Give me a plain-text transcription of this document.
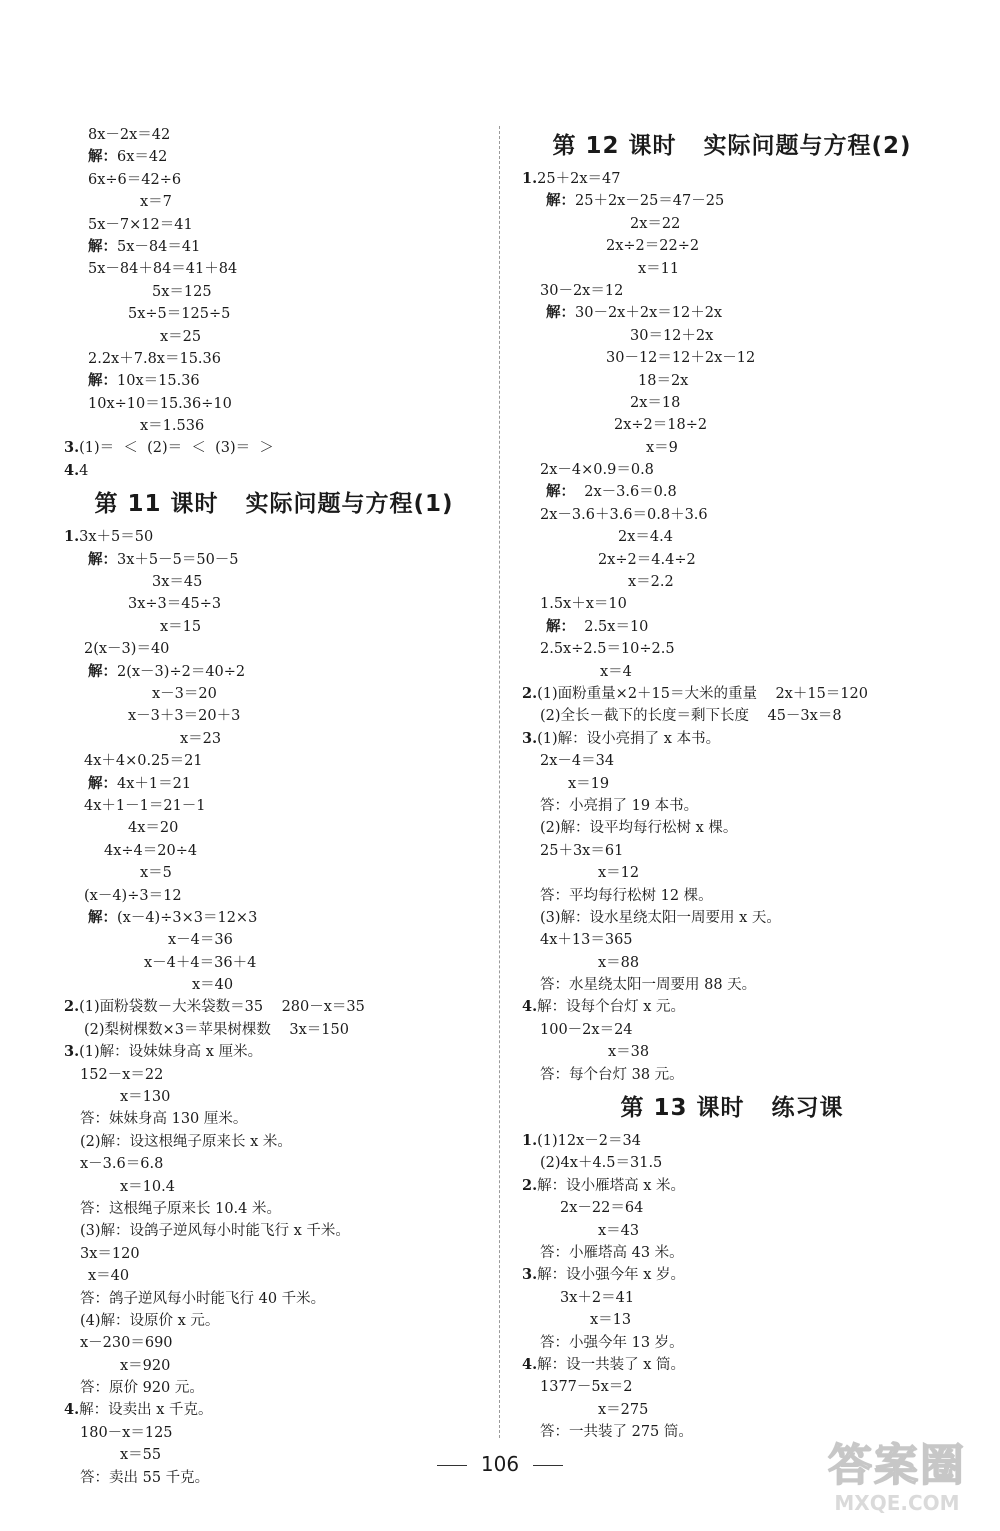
8x－2x＝42
解：6x＝42
6x÷6＝42÷6
x＝7
5x－7×12＝41
解：5x－84＝41
5x－84＋84＝41＋84
5x＝125
5x÷5＝125÷5
x＝25
2.2x＋7.8x＝15.36
解：10x＝15.36
10x÷10＝15.36÷10
x＝1.536
3.(1)＝  ＜  (2)＝  ＜  (3)＝  ＞
4.4
第 11 课时   实际问题与方程(1)
1.3x＋5＝50
解：3x＋5－5＝50－5
3x＝45
3x÷3＝45÷3
x＝15
2(x－3)＝40
解：2(x－3)÷2＝40÷2
x－3＝20
x－3＋3＝20＋3
x＝23
4x＋4×0.25＝21
解：4x＋1＝21
4x＋1－1＝21－1
4x＝20
4x÷4＝20÷4
x＝5
(x－4)÷3＝12
解：(x－4)÷3×3＝12×3
x－4＝36
x－4＋4＝36＋4
x＝40
2.(1)面粉袋数－大米袋数＝35    280－x＝35
(2)梨树棵数×3＝苹果树棵数    3x＝150
3.(1)解：设妹妹身高 x 厘米。
152－x＝22
x＝130
答：妹妹身高 130 厘米。
(2)解：设这根绳子原来长 x 米。
x－3.6＝6.8
x＝10.4
答：这根绳子原来长 10.4 米。
(3)解：设鸽子逆风每小时能飞行 x 千米。
3x＝120
x＝40
答：鸽子逆风每小时能飞行 40 千米。
(4)解：设原价 x 元。
x－230＝690
x＝920
答：原价 920 元。
4.解：设卖出 x 千克。
180－x＝125
x＝55
答：卖出 55 千克。
第 12 课时   实际问题与方程(2)
1.25＋2x＝47
解：25＋2x－25＝47－25
2x＝22
2x÷2＝22÷2
x＝11
30－2x＝12
解：30－2x＋2x＝12＋2x
30＝12＋2x
30－12＝12＋2x－12
18＝2x
2x＝18
2x÷2＝18÷2
x＝9
2x－4×0.9＝0.8
解：  2x－3.6＝0.8
2x－3.6＋3.6＝0.8＋3.6
2x＝4.4
2x÷2＝4.4÷2
x＝2.2
1.5x＋x＝10
解：  2.5x＝10
2.5x÷2.5＝10÷2.5
x＝4
2.(1)面粉重量×2＋15＝大米的重量    2x＋15＝120
(2)全长－截下的长度＝剩下长度    45－3x＝8
3.(1)解：设小亮捐了 x 本书。
2x－4＝34
x＝19
答：小亮捐了 19 本书。
(2)解：设平均每行松树 x 棵。
25＋3x＝61
x＝12
答：平均每行松树 12 棵。
(3)解：设水星绕太阳一周要用 x 天。
4x＋13＝365
x＝88
答：水星绕太阳一周要用 88 天。
4.解：设每个台灯 x 元。
100－2x＝24
x＝38
答：每个台灯 38 元。
第 13 课时   练习课
1.(1)12x－2＝34
(2)4x＋4.5＝31.5
2.解：设小雁塔高 x 米。
2x－22＝64
x＝43
答：小雁塔高 43 米。
3.解：设小强今年 x 岁。
3x＋2＝41
x＝13
答：小强今年 13 岁。
4.解：设一共装了 x 筒。
1377－5x＝2
x＝275
答：一共装了 275 筒。
106	答案圈
MXQE.COM
